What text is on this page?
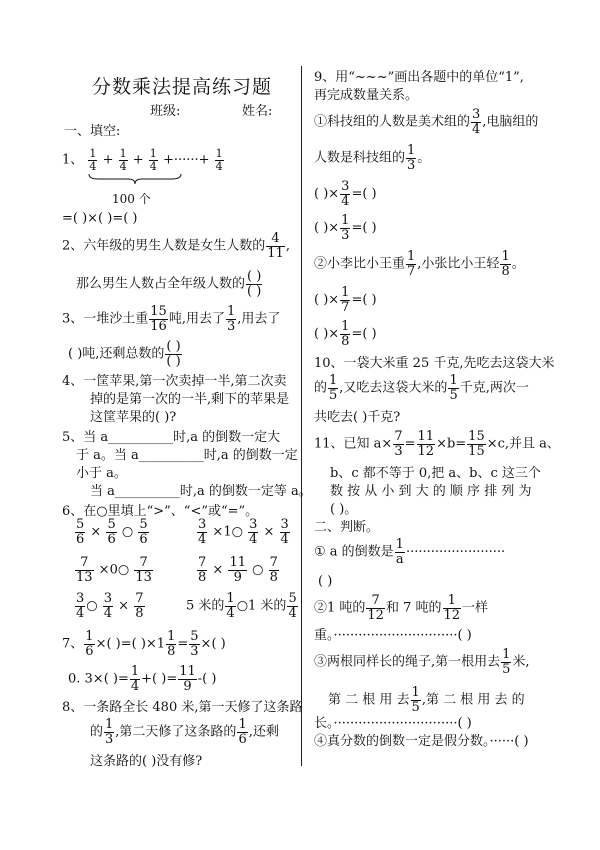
分数乘法提高练习题
班级:	姓名:
一、填空:
1、 $\frac{1}{4} + \frac{1}{4} + \frac{1}{4}$ +······+ $\frac{1}{4}$
100 个
=( )×( )=( )
2、六年级的男生人数是女生人数的 $\frac{4}{11}$ ,
那么男生人数占全年级人数的
( )
( )
3、一堆沙土重 $\frac{15}{16}$ 吨,用去了 $\frac{1}{3}$ ,用去了
( )吨,还剩总数的
( )
( )
4、一筐苹果,第一次卖掉一半,第二次卖
掉的是第一次的一半,剩下的苹果是
这筐苹果的( )?
5、当 a__________时,a 的倒数一定大
于 a。当 a__________时,a 的倒数一定
小于 a。
当 a__________时,a 的倒数一定等 a。
6、在○里填上“>”、“<”或“=”。
$\frac{5}{6} \times \frac{5}{6}$ ○ $\frac{5}{6}$	$\frac{3}{4}$ ×1○ $\frac{3}{4} \times \frac{3}{4}$
$\frac{7}{13}$ ×0○ $\frac{7}{13}$	$\frac{7}{8} \times \frac{11}{9}$ ○ $\frac{7}{8}$
$\frac{3}{4}$ ○ $\frac{3}{4} \times \frac{7}{8}$	5 米的 $\frac{1}{4}$ ○1 米的 $\frac{5}{4}$
7、 $\frac{1}{6}$ ×( )=( )$\times 1 \frac{1}{8} = \frac{5}{3}$ ×( )
0. 3×( )= $\frac{1}{4}$ +( )= $\frac{11}{9}$ -( )
8、一条路全长 480 米,第一天修了这条路
的 $\frac{1}{3}$ ,第二天修了这条路的 $\frac{1}{6}$ ,还剩
这条路的( )没有修?
9、用“~~~”画出各题中的单位“1”,
再完成数量关系。
①科技组的人数是美术组的 $\frac{3}{4}$ ,电脑组的
人数是科技组的 $\frac{1}{3}$ 。
( )× $\frac{3}{4}$ =( )
( )× $\frac{1}{3}$ =( )
②小李比小王重 $\frac{1}{7}$ ,小张比小王轻 $\frac{1}{8}$ 。
( )× $\frac{1}{7}$ =( )
( )× $\frac{1}{8}$ =( )
10、一袋大米重 25 千克,先吃去这袋大米
的 $\frac{1}{5}$ ,又吃去这袋大米的 $\frac{1}{5}$ 千克,两次一
共吃去( )千克?
11、已知 $a\times \frac{7}{3} = \frac{11}{12} \times b= \frac{15}{15} \times c$,并且 a、
b、c 都不等于 0,把 a、b、c 这三个
数 按 从 小 到 大 的 顺 序 排 列 为
( )。
二、判断。
① a 的倒数是 $\frac{1}{a}$ ························
( )
②1 吨的 $\frac{7}{12}$ 和 7 吨的 $\frac{1}{12}$ 一样
重。······························( )
③两根同样长的绳子,第一根用去 $\frac{1}{5}$ 米,
第 二 根 用 去 $\frac{1}{5}$ ,第 二 根 用 去 的
长。······························( )
④真分数的倒数一定是假分数。······( )
